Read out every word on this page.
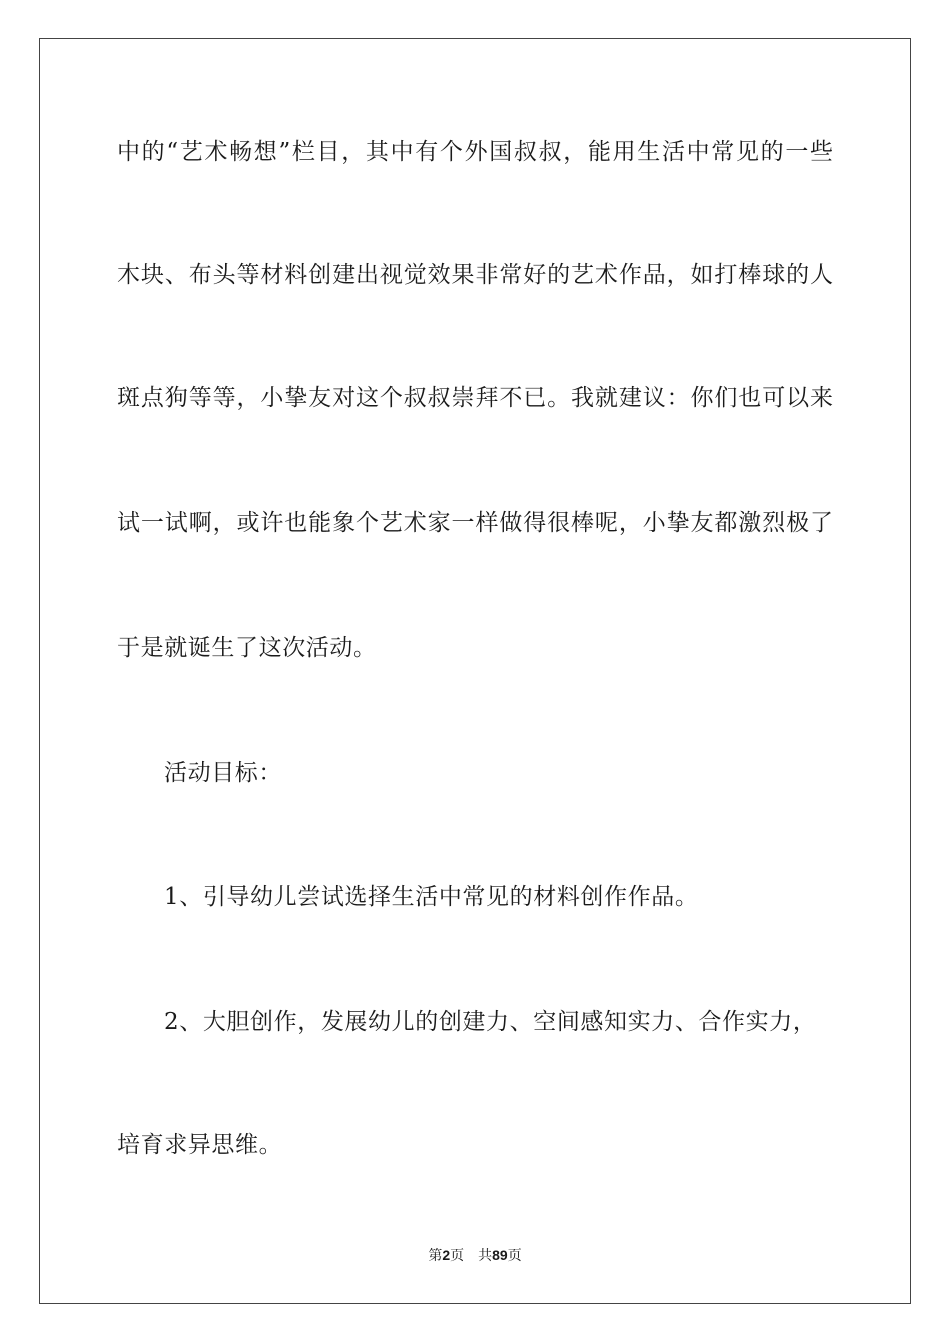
中的“艺术畅想”栏目，其中有个外国叔叔，能用生活中常见的一些
木块、布头等材料创建出视觉效果非常好的艺术作品，如打棒球的人
斑点狗等等，小挚友对这个叔叔崇拜不已。我就建议：你们也可以来
试一试啊，或许也能象个艺术家一样做得很棒呢，小挚友都激烈极了
于是就诞生了这次活动。
活动目标：
1、引导幼儿尝试选择生活中常见的材料创作作品。
2、大胆创作，发展幼儿的创建力、空间感知实力、合作实力，
培育求异思维。
第2页 共89页
